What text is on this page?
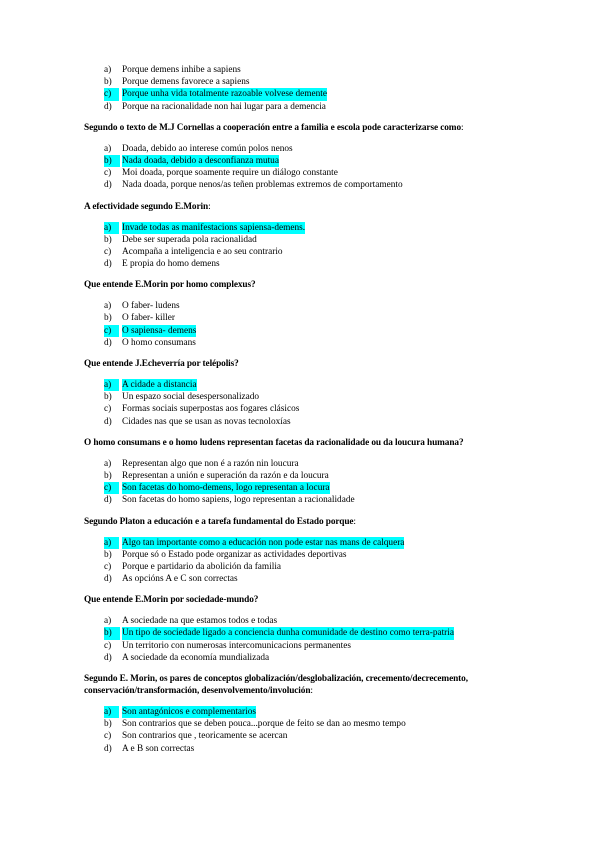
a) Porque demens inhibe a sapiens
b) Porque demens favorece a sapiens
c)	Porque unha vida totalmente razoable volvese demente
d) Porque na racionalidade non hai lugar para a demencia
Segundo o texto de M.J Cornellas a cooperación entre a familia e escola pode caracterizarse como:
a) Doada, debido ao interese común polos nenos
b)	Nada doada, debido a desconfianza mutua
c) Moi doada, porque soamente require un diálogo constante
d) Nada doada, porque nenos/as teñen problemas extremos de comportamento
A efectividade segundo E.Morin:
a)	Invade todas as manifestacions sapiensa-demens.
b) Debe ser superada pola racionalidad
c) Acompaña a inteligencia e ao seu contrario
d) E propia do homo demens
Que entende E.Morin por homo complexus?
a) O faber- ludens
b) O faber- killer
c)	O sapiensa- demens
d) O homo consumans
Que entende J.Echeverría por telépolis?
a)	A cidade a distancia
b) Un espazo social desespersonalizado
c) Formas sociais superpostas aos fogares clásicos
d) Cidades nas que se usan as novas tecnoloxías
O homo consumans e o homo ludens representan facetas da racionalidade ou da loucura humana?
a) Representan algo que non é a razón nin loucura
b) Representan a unión e superación da razón e da loucura
c)	Son facetas do homo-demens, logo representan a locura
d) Son facetas do homo sapiens, logo representan a racionalidade
Segundo Platon a educación e a tarefa fundamental do Estado porque:
a)	Algo tan importante como a educación non pode estar nas mans de calquera
b) Porque só o Estado pode organizar as actividades deportivas
c) Porque e partidario da abolición da familia
d) As opcións A e C son correctas
Que entende E.Morin por sociedade-mundo?
a) A sociedade na que estamos todos e todas
b)	Un tipo de sociedade ligado a conciencia dunha comunidade de destino como terra-patria
c) Un territorio con numerosas intercomunicacions permanentes
d) A sociedade da economía mundializada
Segundo E. Morin, os pares de conceptos globalización/desglobalización, crecemento/decrecemento, conservación/transformación, desenvolvemento/involución:
a)	Son antagónicos e complementarios
b) Son contrarios que se deben pouca...porque de feito se dan ao mesmo tempo
c) Son contrarios que , teoricamente se acercan
d) A e B son correctas
